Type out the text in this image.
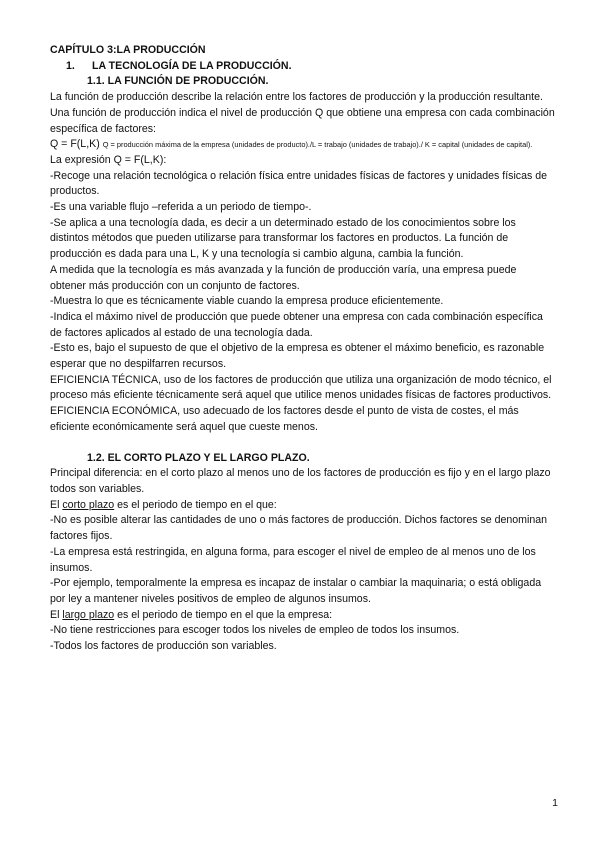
CAPÍTULO 3:LA PRODUCCIÓN

1. LA TECNOLOGÍA DE LA PRODUCCIÓN.

1.1. LA FUNCIÓN DE PRODUCCIÓN.

La función de producción describe la relación entre los factores de producción y la producción resultante.

Una función de producción indica el nivel de producción Q que obtiene una empresa con cada combinación específica de factores:

Q = F(L,K) Q = producción máxima de la empresa (unidades de producto)./L = trabajo (unidades de trabajo)./ K = capital (unidades de capital).

La expresión Q = F(L,K):

-Recoge una relación tecnológica o relación física entre unidades físicas de factores y unidades físicas de productos.

-Es una variable flujo –referida a un periodo de tiempo-.

-Se aplica a una tecnología dada, es decir a un determinado estado de los conocimientos sobre los distintos métodos que pueden utilizarse para transformar los factores en productos. La función de producción es dada para una L, K y una tecnología si cambio alguna, cambia la función.

A medida que la tecnología es más avanzada y la función de producción varía, una empresa puede obtener más producción con un conjunto de factores.

-Muestra lo que es técnicamente viable cuando la empresa produce eficientemente.

-Indica el máximo nivel de producción que puede obtener una empresa con cada combinación específica de factores aplicados al estado de una tecnología dada.

-Esto es, bajo el supuesto de que el objetivo de la empresa es obtener el máximo beneficio, es razonable esperar que no despilfarren recursos.

EFICIENCIA TÉCNICA, uso de los factores de producción que utiliza una organización de modo técnico, el proceso más eficiente técnicamente será aquel que utilice menos unidades físicas de factores productivos.

EFICIENCIA ECONÓMICA, uso adecuado de los factores desde el punto de vista de costes, el más eficiente económicamente será aquel que cueste menos.

1.2. EL CORTO PLAZO Y EL LARGO PLAZO.

Principal diferencia: en el corto plazo al menos uno de los factores de producción es fijo y en el largo plazo todos son variables.

El corto plazo es el periodo de tiempo en el que:

-No es posible alterar las cantidades de uno o más factores de producción. Dichos factores se denominan factores fijos.

-La empresa está restringida, en alguna forma, para escoger el nivel de empleo de al menos uno de los insumos.

-Por ejemplo, temporalmente la empresa es incapaz de instalar o cambiar la maquinaria; o está obligada por ley a mantener niveles positivos de empleo de algunos insumos.

El largo plazo es el periodo de tiempo en el que la empresa:

-No tiene restricciones para escoger todos los niveles de empleo de todos los insumos.

-Todos los factores de producción son variables.

1
